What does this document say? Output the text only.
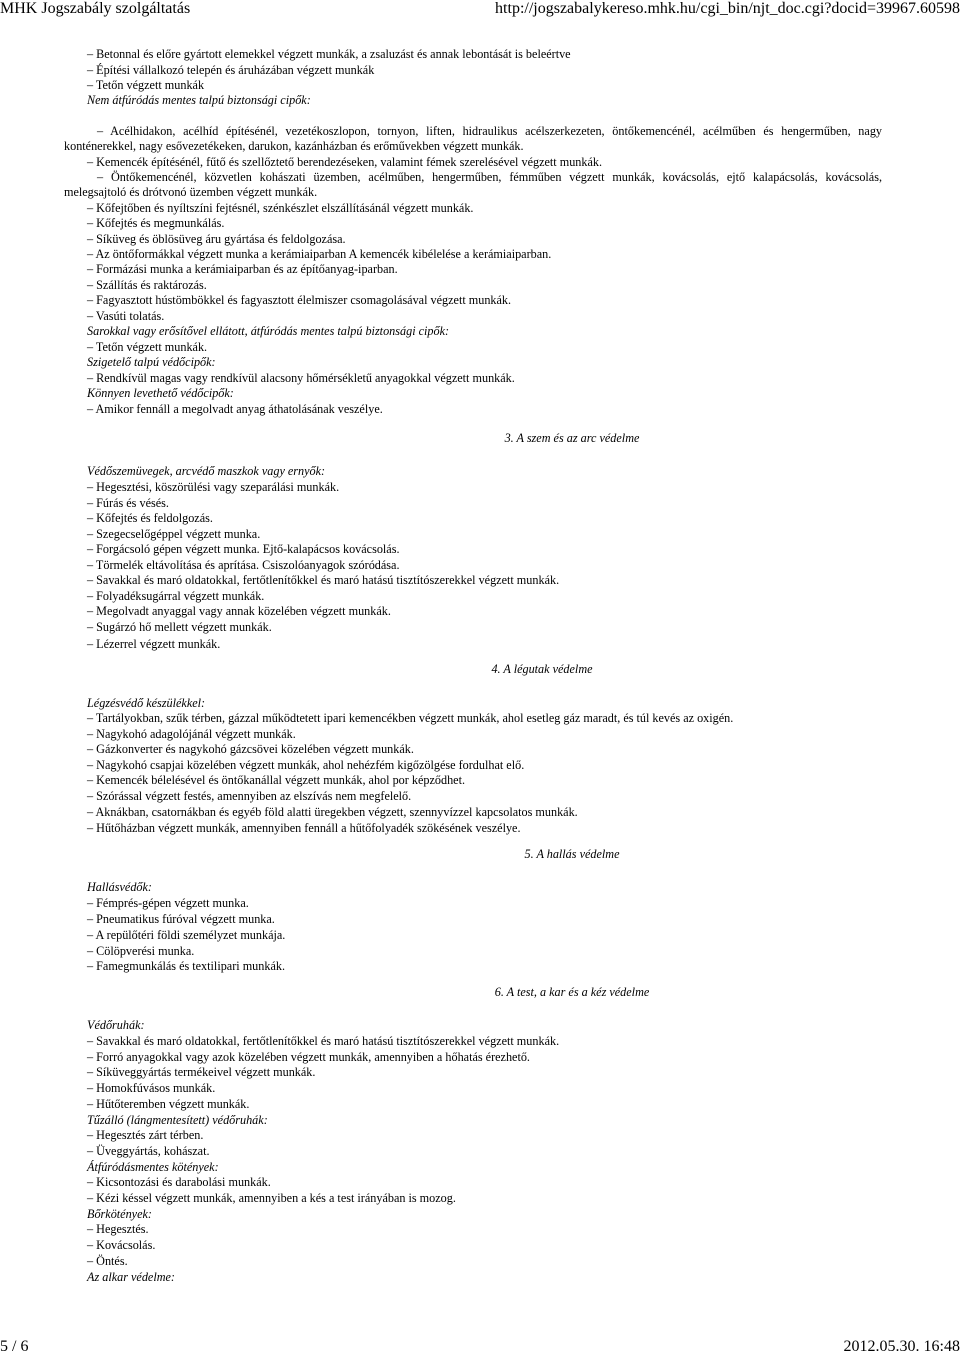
MHK Jogszabály szolgáltatás	http://jogszabalykereso.mhk.hu/cgi_bin/njt_doc.cgi?docid=39967.60598
– Betonnal és előre gyártott elemekkel végzett munkák, a zsaluzást és annak lebontását is beleértve
– Építési vállalkozó telepén és áruházában végzett munkák
– Tetőn végzett munkák
Nem átfúródás mentes talpú biztonsági cipők:
– Acélhidakon, acélhíd építésénél, vezetékoszlopon, tornyon, liften, hidraulikus acélszerkezeten, öntőkemencénél, acélműben és hengerműben, nagy konténerekkel, nagy esővezetékeken, darukon, kazánházban és erőművekben végzett munkák.
– Kemencék építésénél, fűtő és szellőztető berendezéseken, valamint fémek szerelésével végzett munkák.
– Öntőkemencénél, közvetlen kohászati üzemben, acélműben, hengerműben, fémműben végzett munkák, kovácsolás, ejtő kalapácsolás, kovácsolás, melegsajtoló és drótvonó üzemben végzett munkák.
– Kőfejtőben és nyíltszíni fejtésnél, szénkészlet elszállításánál végzett munkák.
– Kőfejtés és megmunkálás.
– Síküveg és öblösüveg áru gyártása és feldolgozása.
– Az öntőformákkal végzett munka a kerámiaiparban A kemencék kibélelése a kerámiaiparban.
– Formázási munka a kerámiaiparban és az építőanyag-iparban.
– Szállítás és raktározás.
– Fagyasztott hústömbökkel és fagyasztott élelmiszer csomagolásával végzett munkák.
– Vasúti tolatás.
Sarokkal vagy erősítővel ellátott, átfúródás mentes talpú biztonsági cipők:
– Tetőn végzett munkák.
Szigetelő talpú védőcipők:
– Rendkívül magas vagy rendkívül alacsony hőmérsékletű anyagokkal végzett munkák.
Könnyen levethető védőcipők:
– Amikor fennáll a megolvadt anyag áthatolásának veszélye.
3. A szem és az arc védelme
Védőszemüvegek, arcvédő maszkok vagy ernyők:
– Hegesztési, köszörülési vagy szeparálási munkák.
– Fúrás és vésés.
– Kőfejtés és feldolgozás.
– Szegecselőgéppel végzett munka.
– Forgácsoló gépen végzett munka. Ejtő-kalapácsos kovácsolás.
– Törmelék eltávolítása és aprítása. Csiszolóanyagok szóródása.
– Savakkal és maró oldatokkal, fertőtlenítőkkel és maró hatású tisztítószerekkel végzett munkák.
– Folyadéksugárral végzett munkák.
– Megolvadt anyaggal vagy annak közelében végzett munkák.
– Sugárzó hő mellett végzett munkák.
– Lézerrel végzett munkák.
4. A légutak védelme
Légzésvédő készülékkel:
– Tartályokban, szűk térben, gázzal működtetett ipari kemencékben végzett munkák, ahol esetleg gáz maradt, és túl kevés az oxigén.
– Nagykohó adagolójánál végzett munkák.
– Gázkonverter és nagykohó gázcsövei közelében végzett munkák.
– Nagykohó csapjai közelében végzett munkák, ahol nehézfém kigőzölgése fordulhat elő.
– Kemencék bélelésével és öntőkanállal végzett munkák, ahol por képződhet.
– Szórással végzett festés, amennyiben az elszívás nem megfelelő.
– Aknákban, csatornákban és egyéb föld alatti üregekben végzett, szennyvízzel kapcsolatos munkák.
– Hűtőházban végzett munkák, amennyiben fennáll a hűtőfolyadék szökésének veszélye.
5. A hallás védelme
Hallásvédők:
– Fémprés-gépen végzett munka.
– Pneumatikus fúróval végzett munka.
– A repülőtéri földi személyzet munkája.
– Cölöpverési munka.
– Famegmunkálás és textilipari munkák.
6. A test, a kar és a kéz védelme
Védőruhák:
– Savakkal és maró oldatokkal, fertőtlenítőkkel és maró hatású tisztítószerekkel végzett munkák.
– Forró anyagokkal vagy azok közelében végzett munkák, amennyiben a hőhatás érezhető.
– Síküveggyártás termékeivel végzett munkák.
– Homokfúvásos munkák.
– Hűtőteremben végzett munkák.
Tűzálló (lángmentesített) védőruhák:
– Hegesztés zárt térben.
– Üveggyártás, kohászat.
Átfúródásmentes kötények:
– Kicsontozási és darabolási munkák.
– Kézi késsel végzett munkák, amennyiben a kés a test irányában is mozog.
Bőrkötények:
– Hegesztés.
– Kovácsolás.
– Öntés.
Az alkar védelme:
5 / 6	2012.05.30. 16:48
